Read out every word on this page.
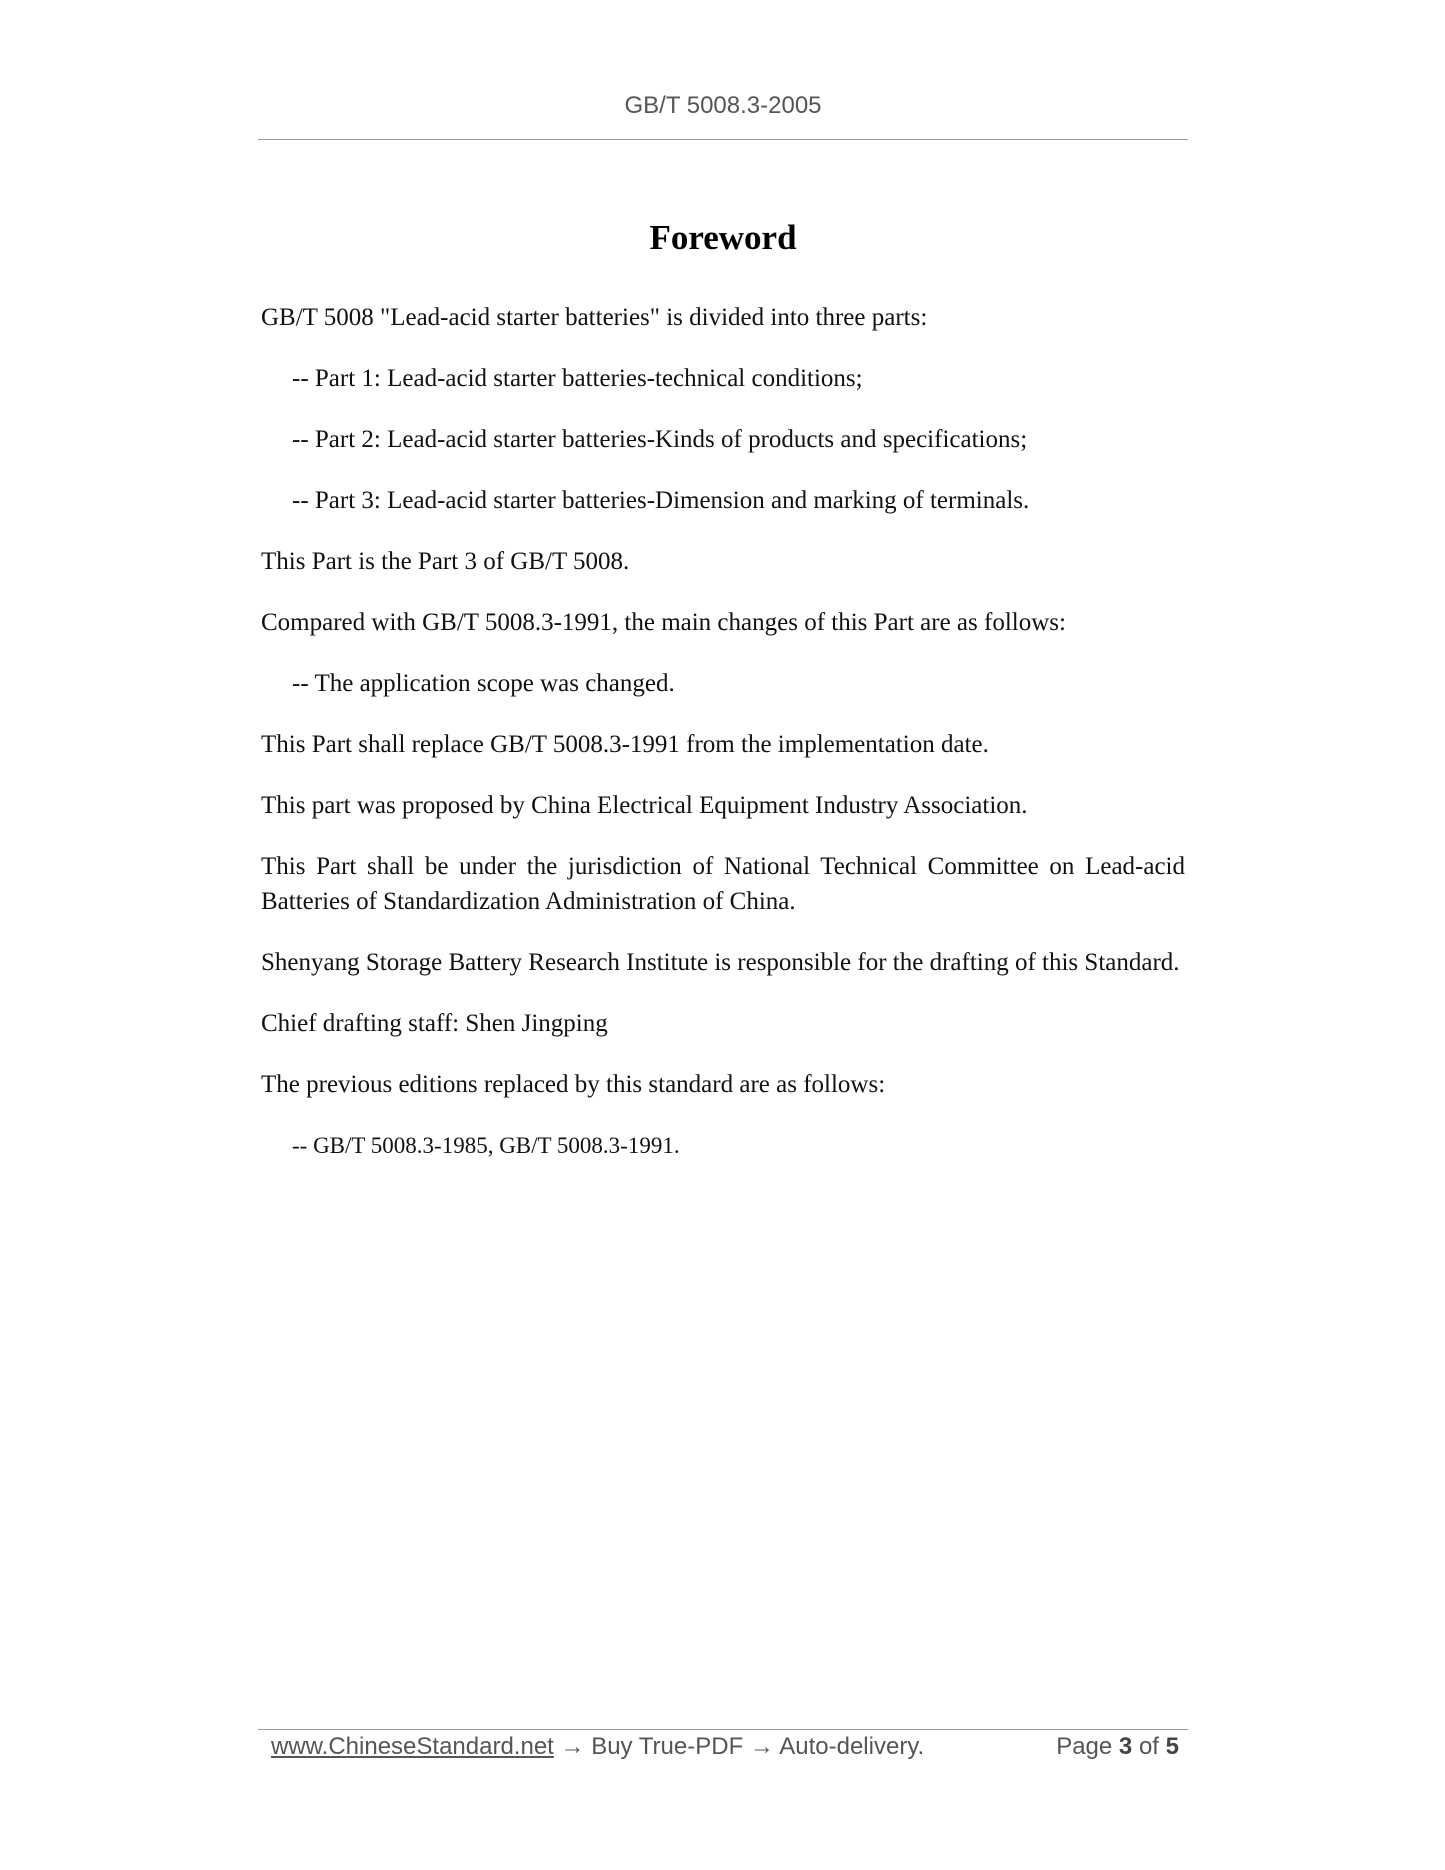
GB/T 5008.3-2005
Foreword

GB/T 5008 "Lead-acid starter batteries" is divided into three parts:

-- Part 1: Lead-acid starter batteries-technical conditions;

-- Part 2: Lead-acid starter batteries-Kinds of products and specifications;

-- Part 3: Lead-acid starter batteries-Dimension and marking of terminals.

This Part is the Part 3 of GB/T 5008.

Compared with GB/T 5008.3-1991, the main changes of this Part are as follows:

-- The application scope was changed.

This Part shall replace GB/T 5008.3-1991 from the implementation date.

This part was proposed by China Electrical Equipment Industry Association.

This Part shall be under the jurisdiction of National Technical Committee on Lead-acid Batteries of Standardization Administration of China.

Shenyang Storage Battery Research Institute is responsible for the drafting of this Standard.

Chief drafting staff: Shen Jingping

The previous editions replaced by this standard are as follows:

-- GB/T 5008.3-1985, GB/T 5008.3-1991.

www.ChineseStandard.net → Buy True-PDF → Auto-delivery.	Page 3 of 5
